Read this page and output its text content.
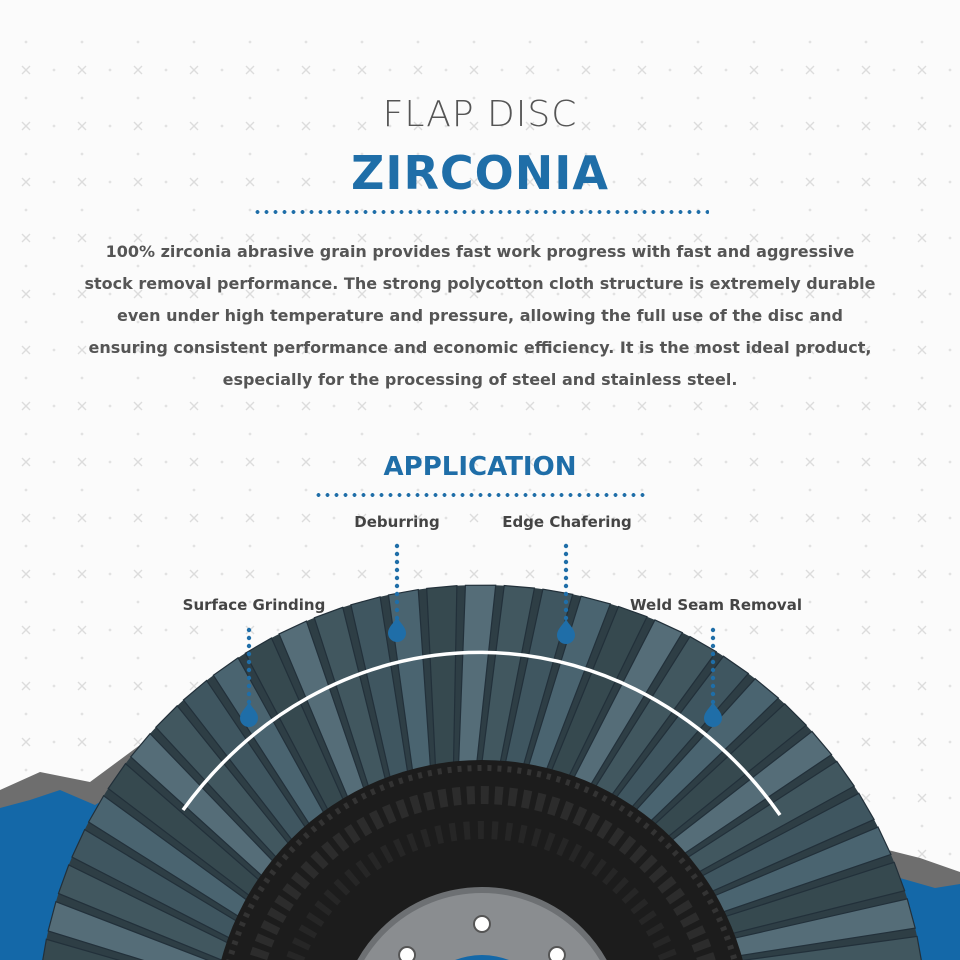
FLAP DISC
ZIRCONIA
100% zirconia abrasive grain provides fast work progress with fast and aggressive stock removal performance. The strong polycotton cloth structure is extremely durable even under high temperature and pressure, allowing the full use of the disc and ensuring consistent performance and economic efficiency. It is the most ideal product, especially for the processing of steel and stainless steel.
APPLICATION
Surface Grinding
Deburring	Edge Chafering
Weld Seam Removal
